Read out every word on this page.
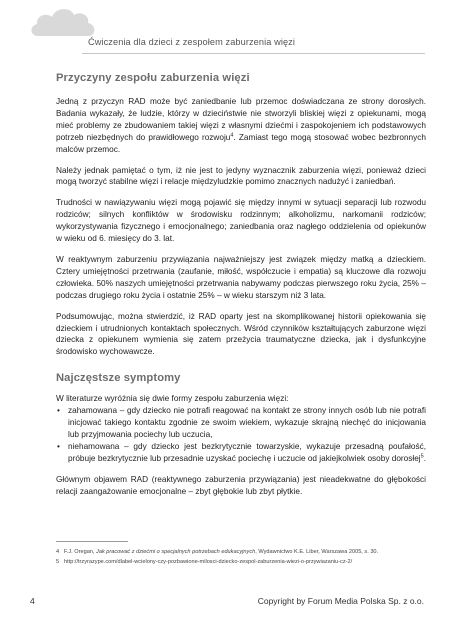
Ćwiczenia dla dzieci z zespołem zaburzenia więzi
Przyczyny zespołu zaburzenia więzi

Jedną z przyczyn RAD może być zaniedbanie lub przemoc doświadczana ze strony dorosłych. Badania wykazały, że ludzie, którzy w dzieciństwie nie stworzyli bliskiej więzi z opiekunami, mogą mieć problemy ze zbudowaniem takiej więzi z własnymi dziećmi i zaspokojeniem ich podstawowych potrzeb niezbędnych do prawidłowego rozwoju$^4$. Zamiast tego mogą stosować wobec bezbronnych malców przemoc.

Należy jednak pamiętać o tym, iż nie jest to jedyny wyznacznik zaburzenia więzi, ponieważ dzieci mogą tworzyć stabilne więzi i relacje międzyludzkie pomimo znacznych nadużyć i zaniedbań.

Trudności w nawiązywaniu więzi mogą pojawić się między innymi w sytuacji separacji lub rozwodu rodziców; silnych konfliktów w środowisku rodzinnym; alkoholizmu, narkomanii rodziców; wykorzystywania fizycznego i emocjonalnego; zaniedbania oraz nagłego oddzielenia od opiekunów w wieku od 6. miesięcy do 3. lat.

W reaktywnym zaburzeniu przywiązania najważniejszy jest związek między matką a dzieckiem. Cztery umiejętności przetrwania (zaufanie, miłość, współczucie i empatia) są kluczowe dla rozwoju człowieka. 50% naszych umiejętności przetrwania nabywamy podczas pierwszego roku życia, 25% – podczas drugiego roku życia i ostatnie 25% – w wieku starszym niż 3 lata.

Podsumowując, można stwierdzić, iż RAD oparty jest na skomplikowanej historii opiekowania się dzieckiem i utrudnionych kontaktach społecznych. Wśród czynników kształtujących zaburzone więzi dziecka z opiekunem wymienia się zatem przeżycia traumatyczne dziecka, jak i dysfunkcyjne środowisko wychowawcze.

Najczęstsze symptomy

W literaturze wyróżnia się dwie formy zespołu zaburzenia więzi:

• zahamowana – gdy dziecko nie potrafi reagować na kontakt ze strony innych osób lub nie potrafi inicjować takiego kontaktu zgodnie ze swoim wiekiem, wykazuje skrajną niechęć do inicjowania lub przyjmowania pociechy lub uczucia,
• niehamowana – gdy dziecko jest bezkrytycznie towarzyskie, wykazuje przesadną poufałość, próbuje bezkrytycznie lub przesadnie uzyskać pociechę i uczucie od jakiejkolwiek osoby dorosłej$^5$.

Głównym objawem RAD (reaktywnego zaburzenia przywiązania) jest nieadekwatne do głębokości relacji zaangażowanie emocjonalne – zbyt głębokie lub zbyt płytkie.

4 F.J. Oregan, Jak pracować z dziećmi o specjalnych potrzebach edukacyjnych, Wydawnictwo K.E. Liber, Warszawa 2005, s. 30.
5 http://trzyrazype.com/dlabel-wcielony-czy-pozbawione-milosci-dziecko-zespol-zaburzenia-wiezi-o-przywiazaniu-cz-2/
4	Copyright by Forum Media Polska Sp. z o.o.
